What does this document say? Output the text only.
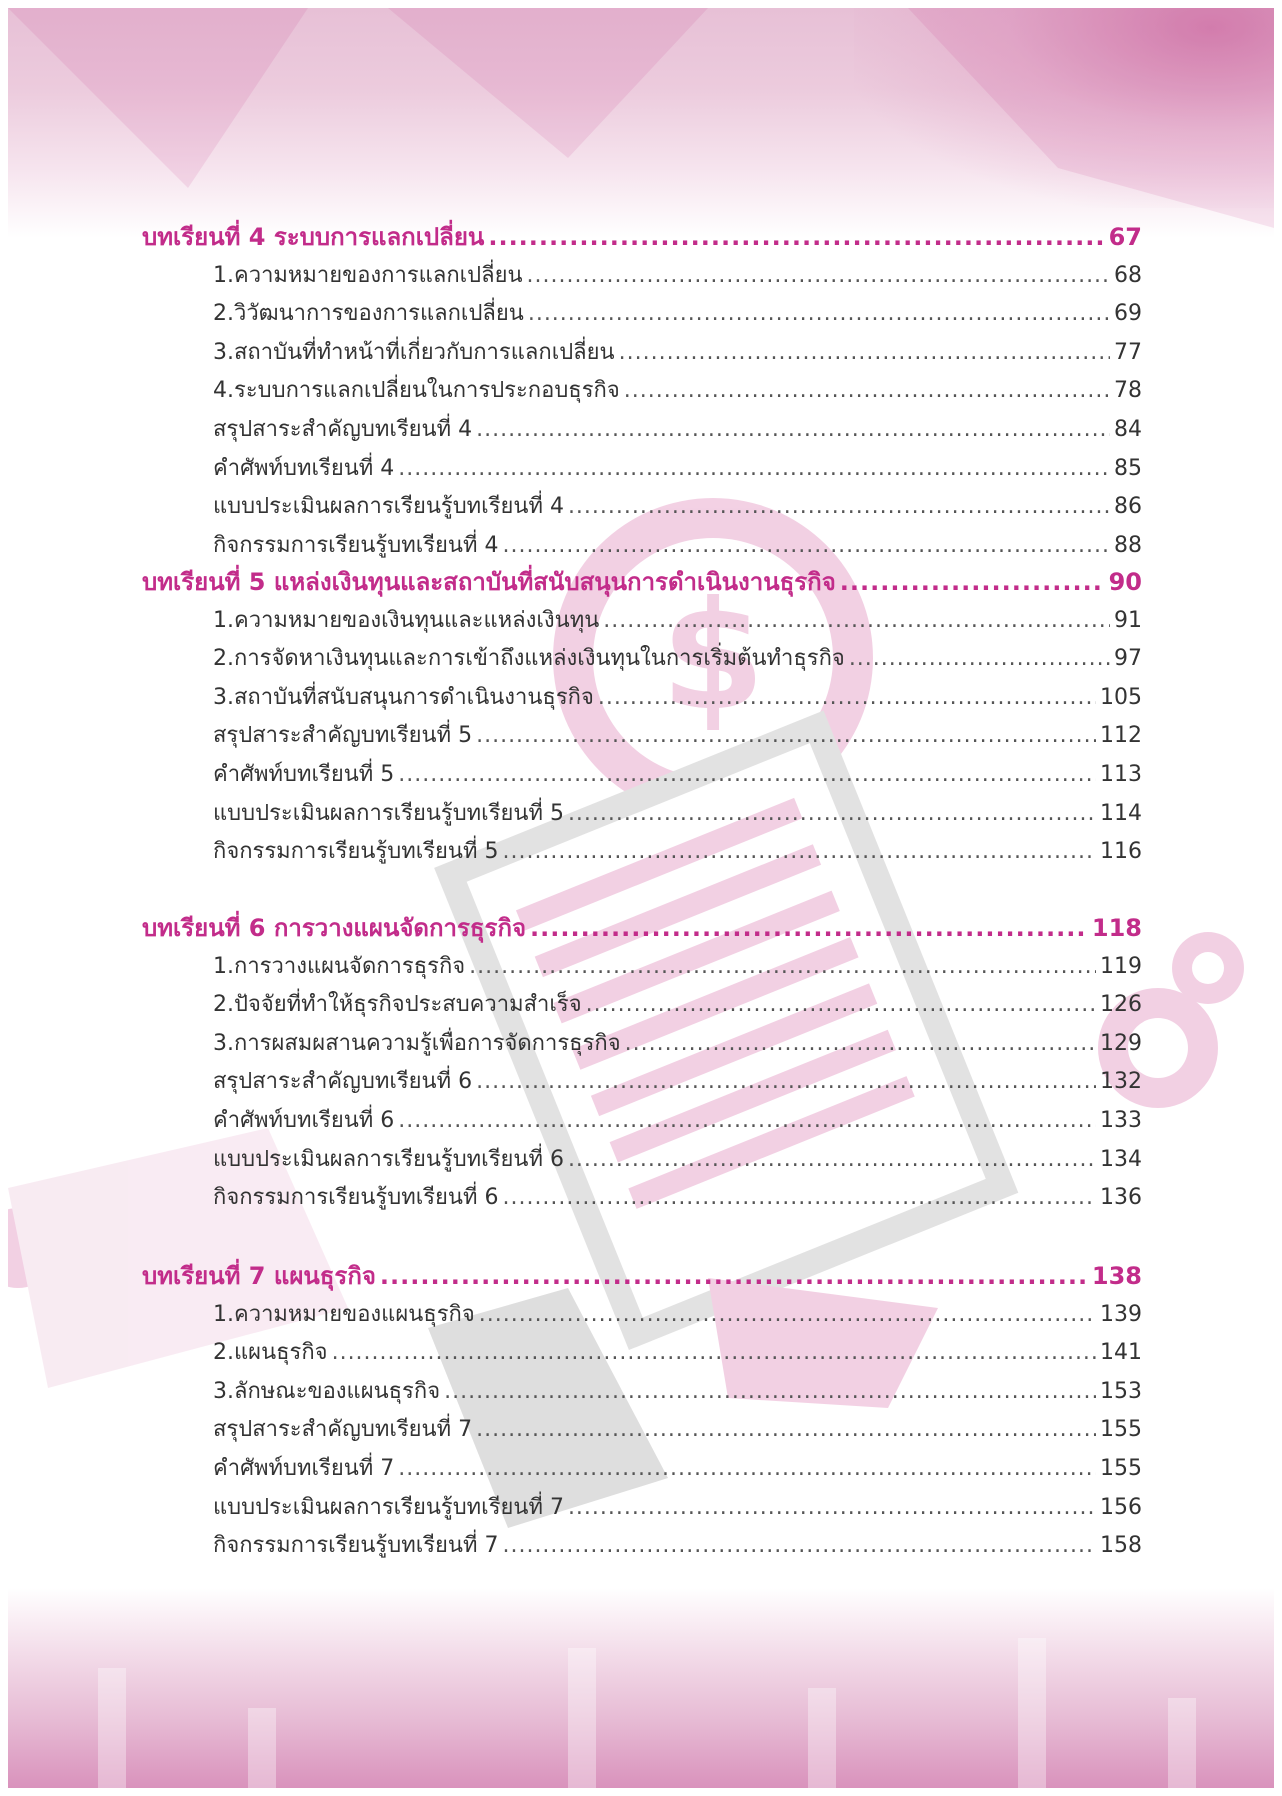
$
บทเรียนที่ 4 ระบบการแลกเปลี่ยน .....	67
1. ความหมายของการแลกเปลี่ยน .....	68
2. วิวัฒนาการของการแลกเปลี่ยน .....	69
3. สถาบันที่ทำหน้าที่เกี่ยวกับการแลกเปลี่ยน .....	77
4. ระบบการแลกเปลี่ยนในการประกอบธุรกิจ .....	78
สรุปสาระสำคัญบทเรียนที่ 4 .....	84
คำศัพท์บทเรียนที่ 4 .....	85
แบบประเมินผลการเรียนรู้บทเรียนที่ 4 .....	86
กิจกรรมการเรียนรู้บทเรียนที่ 4 .....	88
บทเรียนที่ 5 แหล่งเงินทุนและสถาบันที่สนับสนุนการดำเนินงานธุรกิจ .....	90
1. ความหมายของเงินทุนและแหล่งเงินทุน .....	91
2. การจัดหาเงินทุนและการเข้าถึงแหล่งเงินทุนในการเริ่มต้นทำธุรกิจ .....	97
3. สถาบันที่สนับสนุนการดำเนินงานธุรกิจ .....	105
สรุปสาระสำคัญบทเรียนที่ 5 .....	112
คำศัพท์บทเรียนที่ 5 .....	113
แบบประเมินผลการเรียนรู้บทเรียนที่ 5 .....	114
กิจกรรมการเรียนรู้บทเรียนที่ 5 .....	116
บทเรียนที่ 6 การวางแผนจัดการธุรกิจ .....	118
1. การวางแผนจัดการธุรกิจ .....	119
2. ปัจจัยที่ทำให้ธุรกิจประสบความสำเร็จ .....	126
3. การผสมผสานความรู้เพื่อการจัดการธุรกิจ .....	129
สรุปสาระสำคัญบทเรียนที่ 6 .....	132
คำศัพท์บทเรียนที่ 6 .....	133
แบบประเมินผลการเรียนรู้บทเรียนที่ 6 .....	134
กิจกรรมการเรียนรู้บทเรียนที่ 6 .....	136
บทเรียนที่ 7 แผนธุรกิจ .....	138
1. ความหมายของแผนธุรกิจ .....	139
2. แผนธุรกิจ .....	141
3. ลักษณะของแผนธุรกิจ .....	153
สรุปสาระสำคัญบทเรียนที่ 7 .....	155
คำศัพท์บทเรียนที่ 7 .....	155
แบบประเมินผลการเรียนรู้บทเรียนที่ 7 .....	156
กิจกรรมการเรียนรู้บทเรียนที่ 7 .....	158
